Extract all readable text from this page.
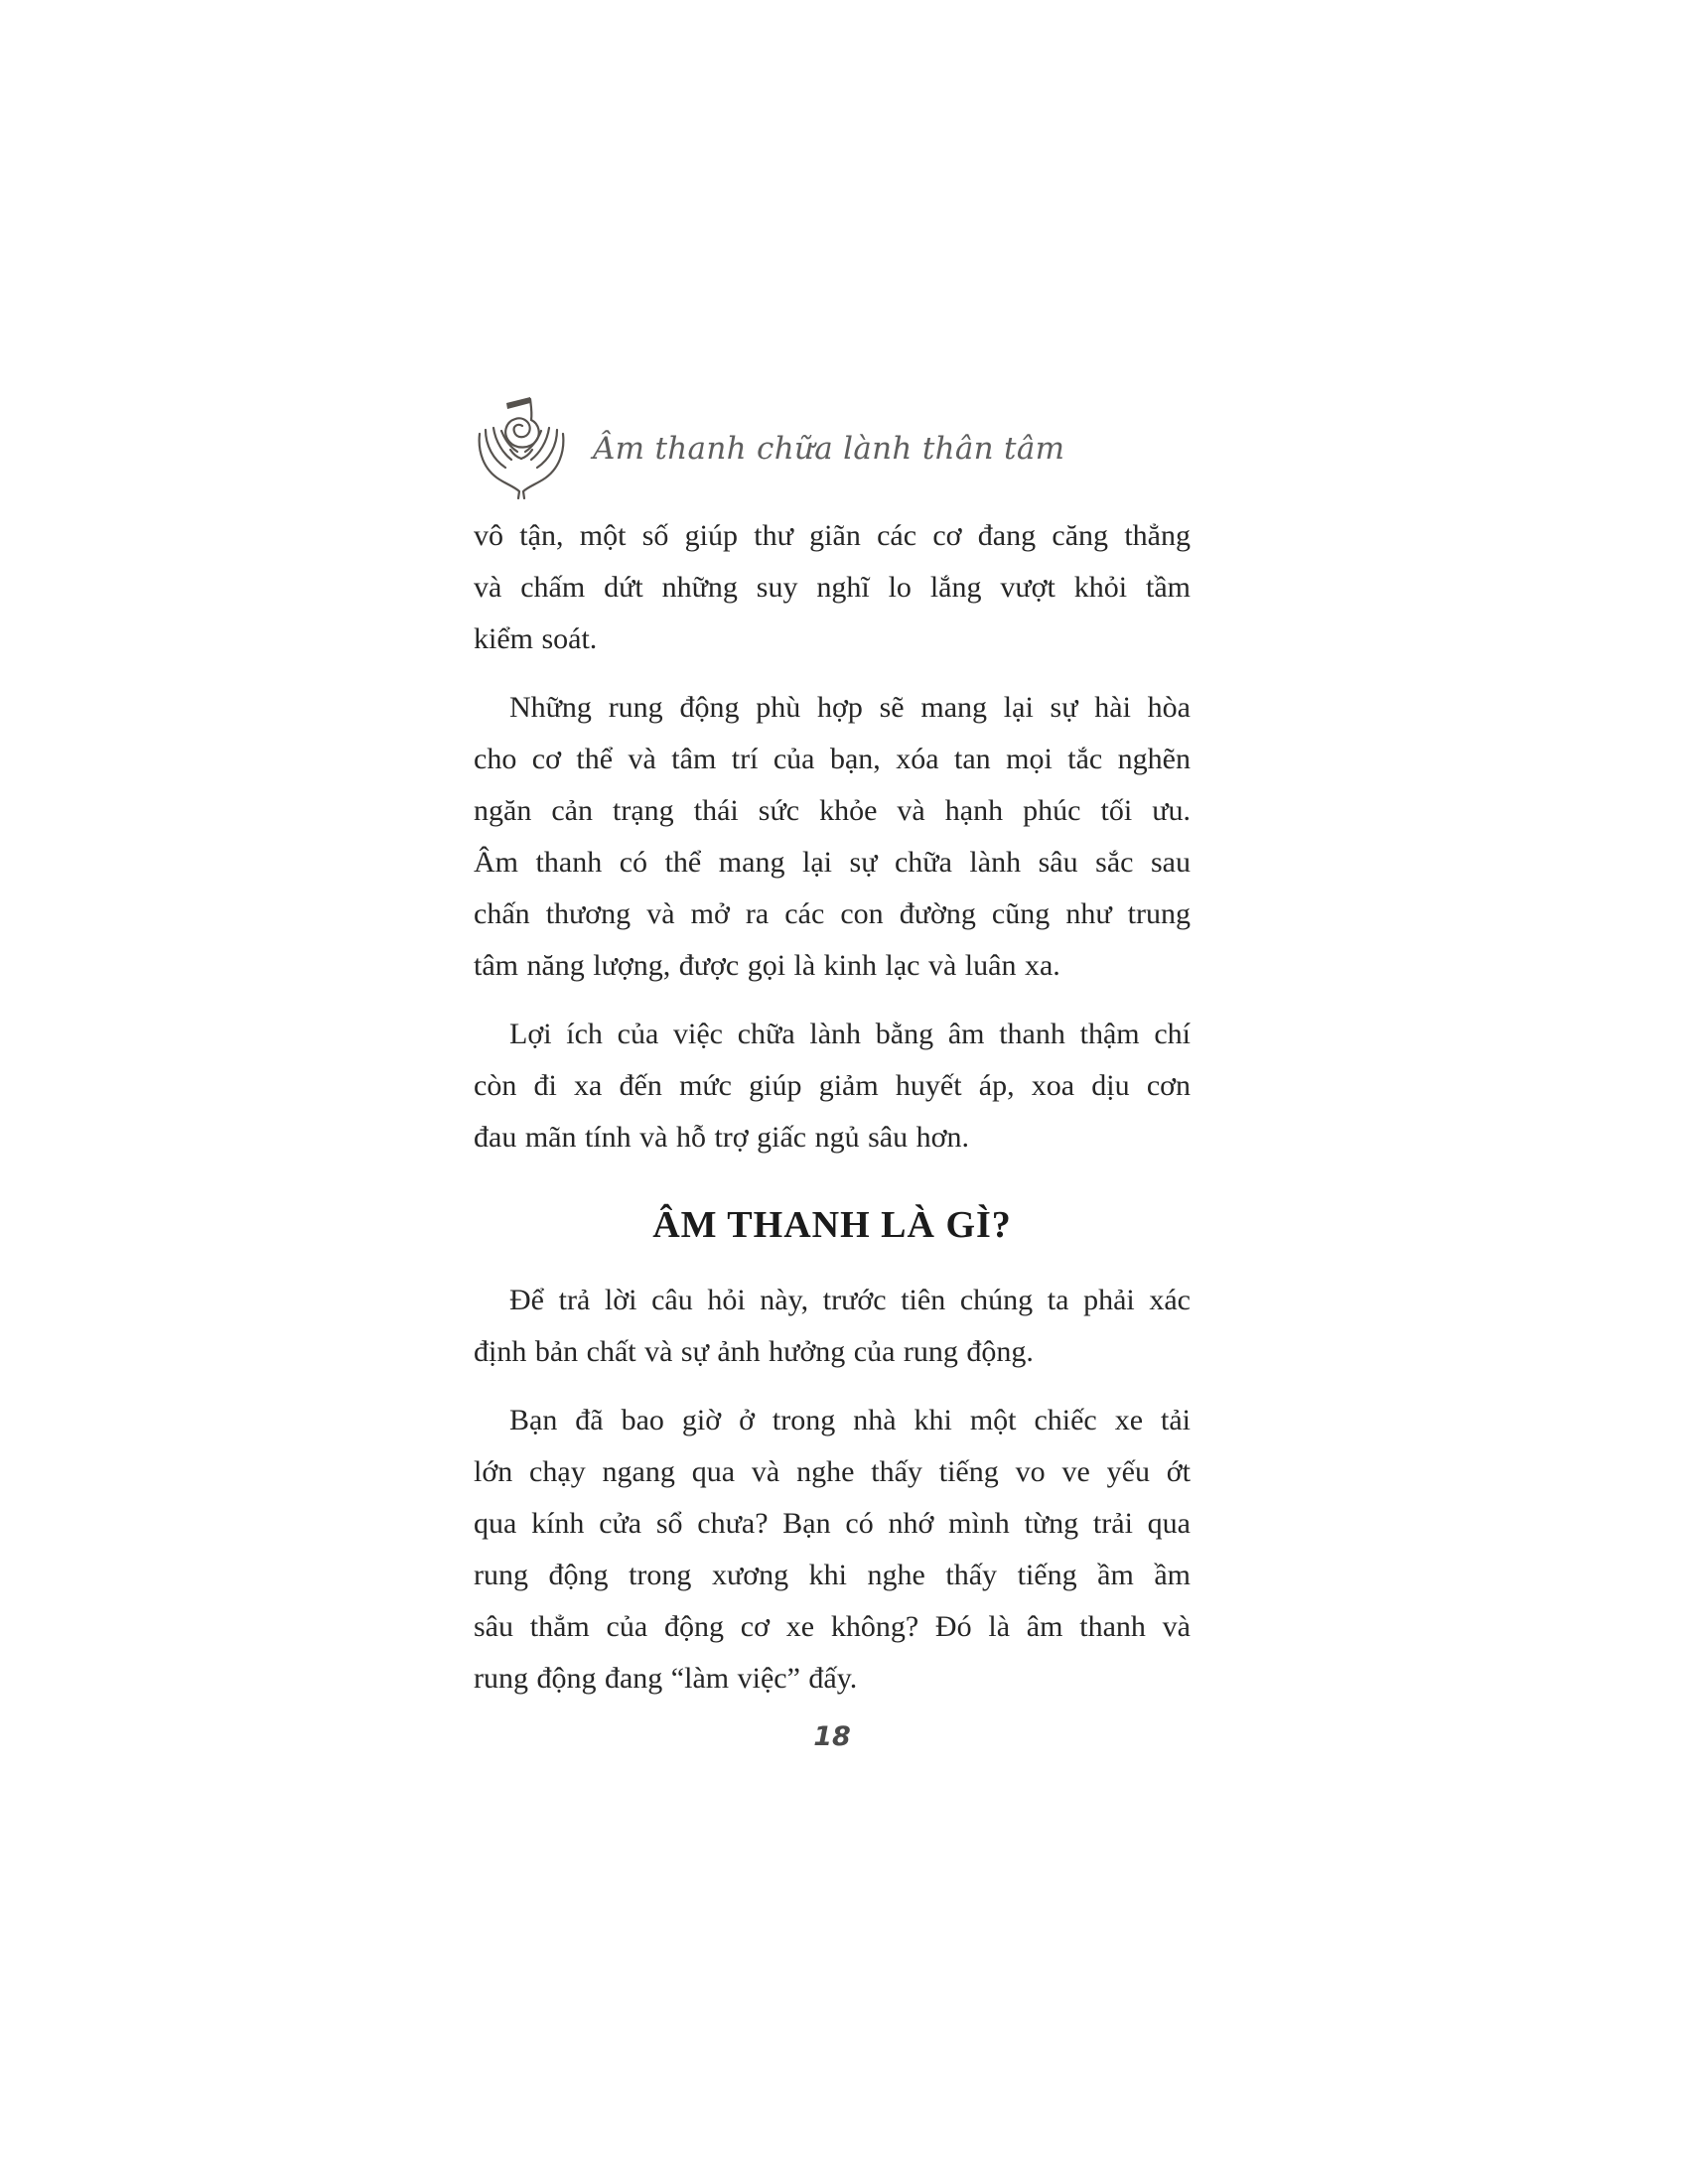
Âm thanh chữa lành thân tâm
vô tận, một số giúp thư giãn các cơ đang căng thẳng
và chấm dứt những suy nghĩ lo lắng vượt khỏi tầm
kiểm soát.
Những rung động phù hợp sẽ mang lại sự hài hòa
cho cơ thể và tâm trí của bạn, xóa tan mọi tắc nghẽn
ngăn cản trạng thái sức khỏe và hạnh phúc tối ưu.
Âm thanh có thể mang lại sự chữa lành sâu sắc sau
chấn thương và mở ra các con đường cũng như trung
tâm năng lượng, được gọi là kinh lạc và luân xa.
Lợi ích của việc chữa lành bằng âm thanh thậm chí
còn đi xa đến mức giúp giảm huyết áp, xoa dịu cơn
đau mãn tính và hỗ trợ giấc ngủ sâu hơn.
ÂM THANH LÀ GÌ?
Để trả lời câu hỏi này, trước tiên chúng ta phải xác
định bản chất và sự ảnh hưởng của rung động.
Bạn đã bao giờ ở trong nhà khi một chiếc xe tải
lớn chạy ngang qua và nghe thấy tiếng vo ve yếu ớt
qua kính cửa sổ chưa? Bạn có nhớ mình từng trải qua
rung động trong xương khi nghe thấy tiếng ầm ầm
sâu thẳm của động cơ xe không? Đó là âm thanh và
rung động đang “làm việc” đấy.
18
